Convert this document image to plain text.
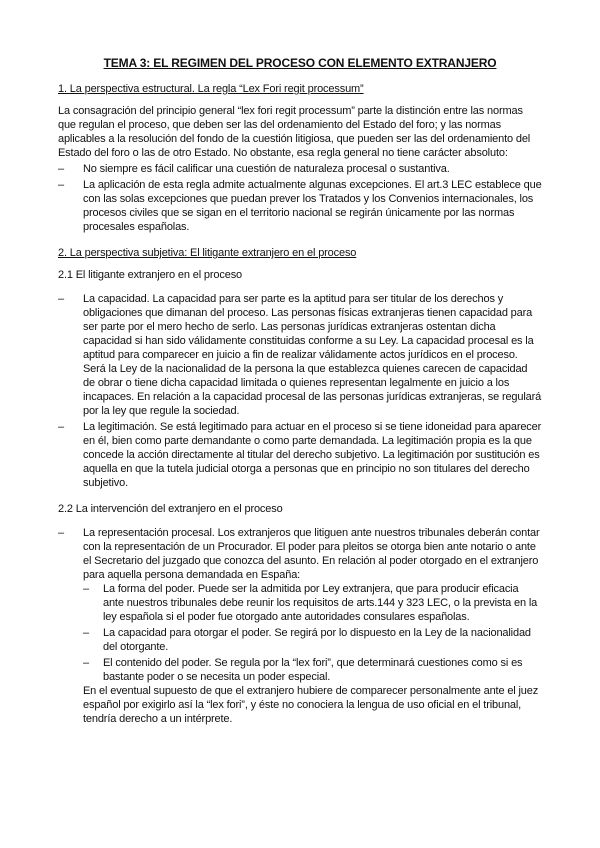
TEMA 3: EL REGIMEN DEL PROCESO CON ELEMENTO EXTRANJERO
1. La perspectiva estructural. La regla “Lex Fori regit processum”

La consagración del principio general “lex fori regit processum” parte la distinción entre las normas que regulan el proceso, que deben ser las del ordenamiento del Estado del foro; y las normas aplicables a la resolución del fondo de la cuestión litigiosa, que pueden ser las del ordenamiento del Estado del foro o las de otro Estado. No obstante, esa regla general no tiene carácter absoluto:

– No siempre es fácil calificar una cuestión de naturaleza procesal o sustantiva.
– La aplicación de esta regla admite actualmente algunas excepciones. El art.3 LEC establece que con las solas excepciones que puedan prever los Tratados y los Convenios internacionales, los procesos civiles que se sigan en el territorio nacional se regirán únicamente por las normas procesales españolas.
2. La perspectiva subjetiva: El litigante extranjero en el proceso
2.1 El litigante extranjero en el proceso
– La capacidad. La capacidad para ser parte es la aptitud para ser titular de los derechos y obligaciones que dimanan del proceso. Las personas físicas extranjeras tienen capacidad para ser parte por el mero hecho de serlo. Las personas jurídicas extranjeras ostentan dicha capacidad si han sido válidamente constituidas conforme a su Ley. La capacidad procesal es la aptitud para comparecer en juicio a fin de realizar válidamente actos jurídicos en el proceso. Será la Ley de la nacionalidad de la persona la que establezca quienes carecen de capacidad de obrar o tiene dicha capacidad limitada o quienes representan legalmente en juicio a los incapaces. En relación a la capacidad procesal de las personas jurídicas extranjeras, se regulará por la ley que regule la sociedad.
– La legitimación. Se está legitimado para actuar en el proceso si se tiene idoneidad para aparecer en él, bien como parte demandante o como parte demandada. La legitimación propia es la que concede la acción directamente al titular del derecho subjetivo. La legitimación por sustitución es aquella en que la tutela judicial otorga a personas que en principio no son titulares del derecho subjetivo.
2.2 La intervención del extranjero en el proceso
– La representación procesal. Los extranjeros que litiguen ante nuestros tribunales deberán contar con la representación de un Procurador. El poder para pleitos se otorga bien ante notario o ante el Secretario del juzgado que conozca del asunto. En relación al poder otorgado en el extranjero para aquella persona demandada en España:
– La forma del poder. Puede ser la admitida por Ley extranjera, que para producir eficacia ante nuestros tribunales debe reunir los requisitos de arts.144 y 323 LEC, o la prevista en la ley española si el poder fue otorgado ante autoridades consulares españolas.
– La capacidad para otorgar el poder. Se regirá por lo dispuesto en la Ley de la nacionalidad del otorgante.
– El contenido del poder. Se regula por la “lex fori”, que determinará cuestiones como si es bastante poder o se necesita un poder especial.

En el eventual supuesto de que el extranjero hubiere de comparecer personalmente ante el juez español por exigirlo así la “lex fori”, y éste no conociera la lengua de uso oficial en el tribunal, tendría derecho a un intérprete.
